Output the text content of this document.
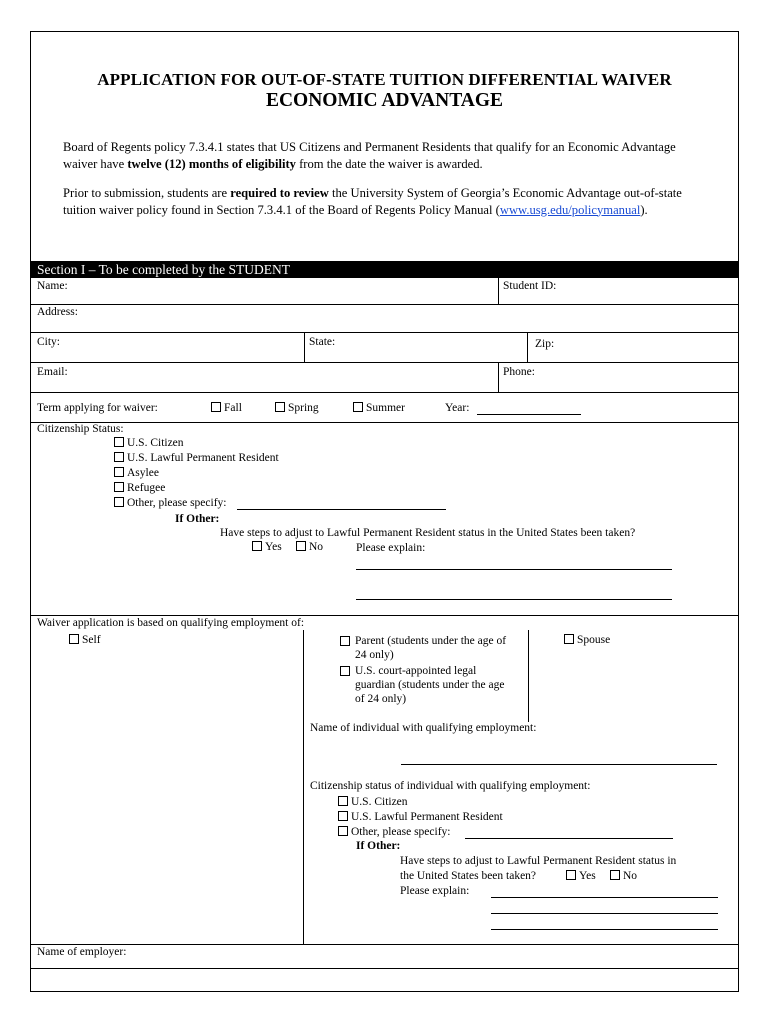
APPLICATION FOR OUT-OF-STATE TUITION DIFFERENTIAL WAIVER
ECONOMIC ADVANTAGE
Board of Regents policy 7.3.4.1 states that US Citizens and Permanent Residents that qualify for an Economic Advantage waiver have twelve (12) months of eligibility from the date the waiver is awarded.
Prior to submission, students are required to review the University System of Georgia’s Economic Advantage out-of-state tuition waiver policy found in Section 7.3.4.1 of the Board of Regents Policy Manual (www.usg.edu/policymanual).
Section I – To be completed by the STUDENT
Name:	Student ID:
Address:
City:	State:	Zip:
Email:	Phone:
Term applying for waiver:	Fall	Spring	Summer	Year:
Citizenship Status:
U.S. Citizen
U.S. Lawful Permanent Resident
Asylee
Refugee
Other, please specify:
If Other:
Have steps to adjust to Lawful Permanent Resident status in the United States been taken?
Yes	No	Please explain:
Waiver application is based on qualifying employment of:
Self	Parent (students under the age of 24 only)
U.S. court-appointed legal guardian (students under the age of 24 only)
Spouse
Name of individual with qualifying employment:
Citizenship status of individual with qualifying employment:
U.S. Citizen
U.S. Lawful Permanent Resident
Other, please specify:
If Other:
Have steps to adjust to Lawful Permanent Resident status in
the United States been taken?	Yes	No
Please explain:
Name of employer:
